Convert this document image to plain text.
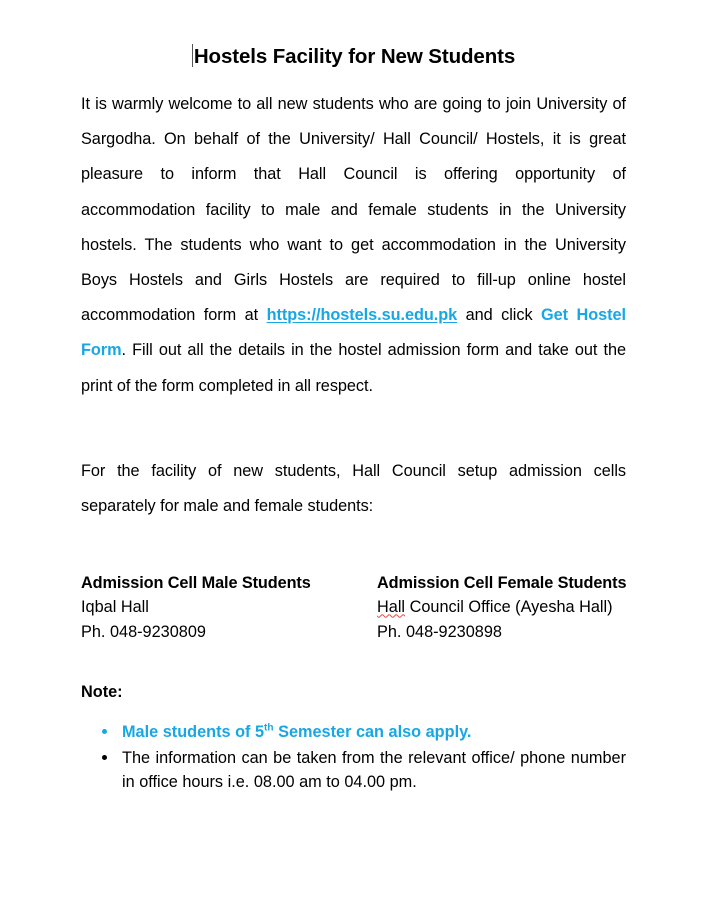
Hostels Facility for New Students

It is warmly welcome to all new students who are going to join University of Sargodha. On behalf of the University/ Hall Council/ Hostels, it is great pleasure to inform that Hall Council is offering opportunity of accommodation facility to male and female students in the University hostels. The students who want to get accommodation in the University Boys Hostels and Girls Hostels are required to fill-up online hostel accommodation form at https://hostels.su.edu.pk and click Get Hostel Form. Fill out all the details in the hostel admission form and take out the print of the form completed in all respect.

For the facility of new students, Hall Council setup admission cells separately for male and female students:

Admission Cell Male Students
Iqbal Hall
Ph. 048-9230809
Admission Cell Female Students
Hall Council Office (Ayesha Hall)
Ph. 048-9230898
Note:
Male students of 5th Semester can also apply.
The information can be taken from the relevant office/ phone number in office hours i.e. 08.00 am to 04.00 pm.
